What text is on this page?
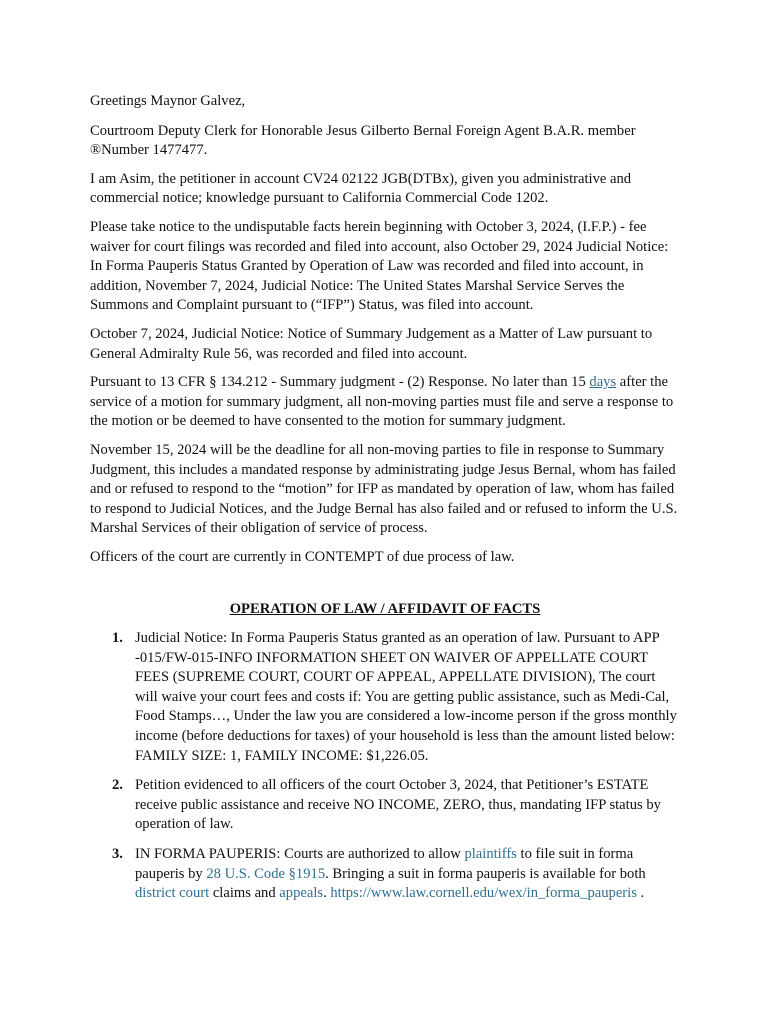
Greetings Maynor Galvez,

Courtroom Deputy Clerk for Honorable Jesus Gilberto Bernal Foreign Agent B.A.R. member ®Number 1477477.

I am Asim, the petitioner in account CV24 02122 JGB(DTBx), given you administrative and commercial notice; knowledge pursuant to California Commercial Code 1202.

Please take notice to the undisputable facts herein beginning with October 3, 2024, (I.F.P.) - fee waiver for court filings was recorded and filed into account, also October 29, 2024 Judicial Notice: In Forma Pauperis Status Granted by Operation of Law was recorded and filed into account, in addition, November 7, 2024, Judicial Notice: The United States Marshal Service Serves the Summons and Complaint pursuant to (“IFP”) Status, was filed into account.

October 7, 2024, Judicial Notice: Notice of Summary Judgement as a Matter of Law pursuant to General Admiralty Rule 56, was recorded and filed into account.

Pursuant to 13 CFR § 134.212 - Summary judgment - (2) Response. No later than 15 days after the service of a motion for summary judgment, all non-moving parties must file and serve a response to the motion or be deemed to have consented to the motion for summary judgment.

November 15, 2024 will be the deadline for all non-moving parties to file in response to Summary Judgment, this includes a mandated response by administrating judge Jesus Bernal, whom has failed and or refused to respond to the “motion” for IFP as mandated by operation of law, whom has failed to respond to Judicial Notices, and the Judge Bernal has also failed and or refused to inform the U.S. Marshal Services of their obligation of service of process.

Officers of the court are currently in CONTEMPT of due process of law.

OPERATION OF LAW / AFFIDAVIT OF FACTS

1. Judicial Notice: In Forma Pauperis Status granted as an operation of law. Pursuant to APP -015/FW-015-INFO INFORMATION SHEET ON WAIVER OF APPELLATE COURT FEES (SUPREME COURT, COURT OF APPEAL, APPELLATE DIVISION), The court will waive your court fees and costs if: You are getting public assistance, such as Medi-Cal, Food Stamps…, Under the law you are considered a low-income person if the gross monthly income (before deductions for taxes) of your household is less than the amount listed below: FAMILY SIZE: 1, FAMILY INCOME: $1,226.05.
2. Petition evidenced to all officers of the court October 3, 2024, that Petitioner’s ESTATE receive public assistance and receive NO INCOME, ZERO, thus, mandating IFP status by operation of law.
3. IN FORMA PAUPERIS: Courts are authorized to allow plaintiffs to file suit in forma pauperis by 28 U.S. Code §1915. Bringing a suit in forma pauperis is available for both district court claims and appeals. https://www.law.cornell.edu/wex/in_forma_pauperis .
